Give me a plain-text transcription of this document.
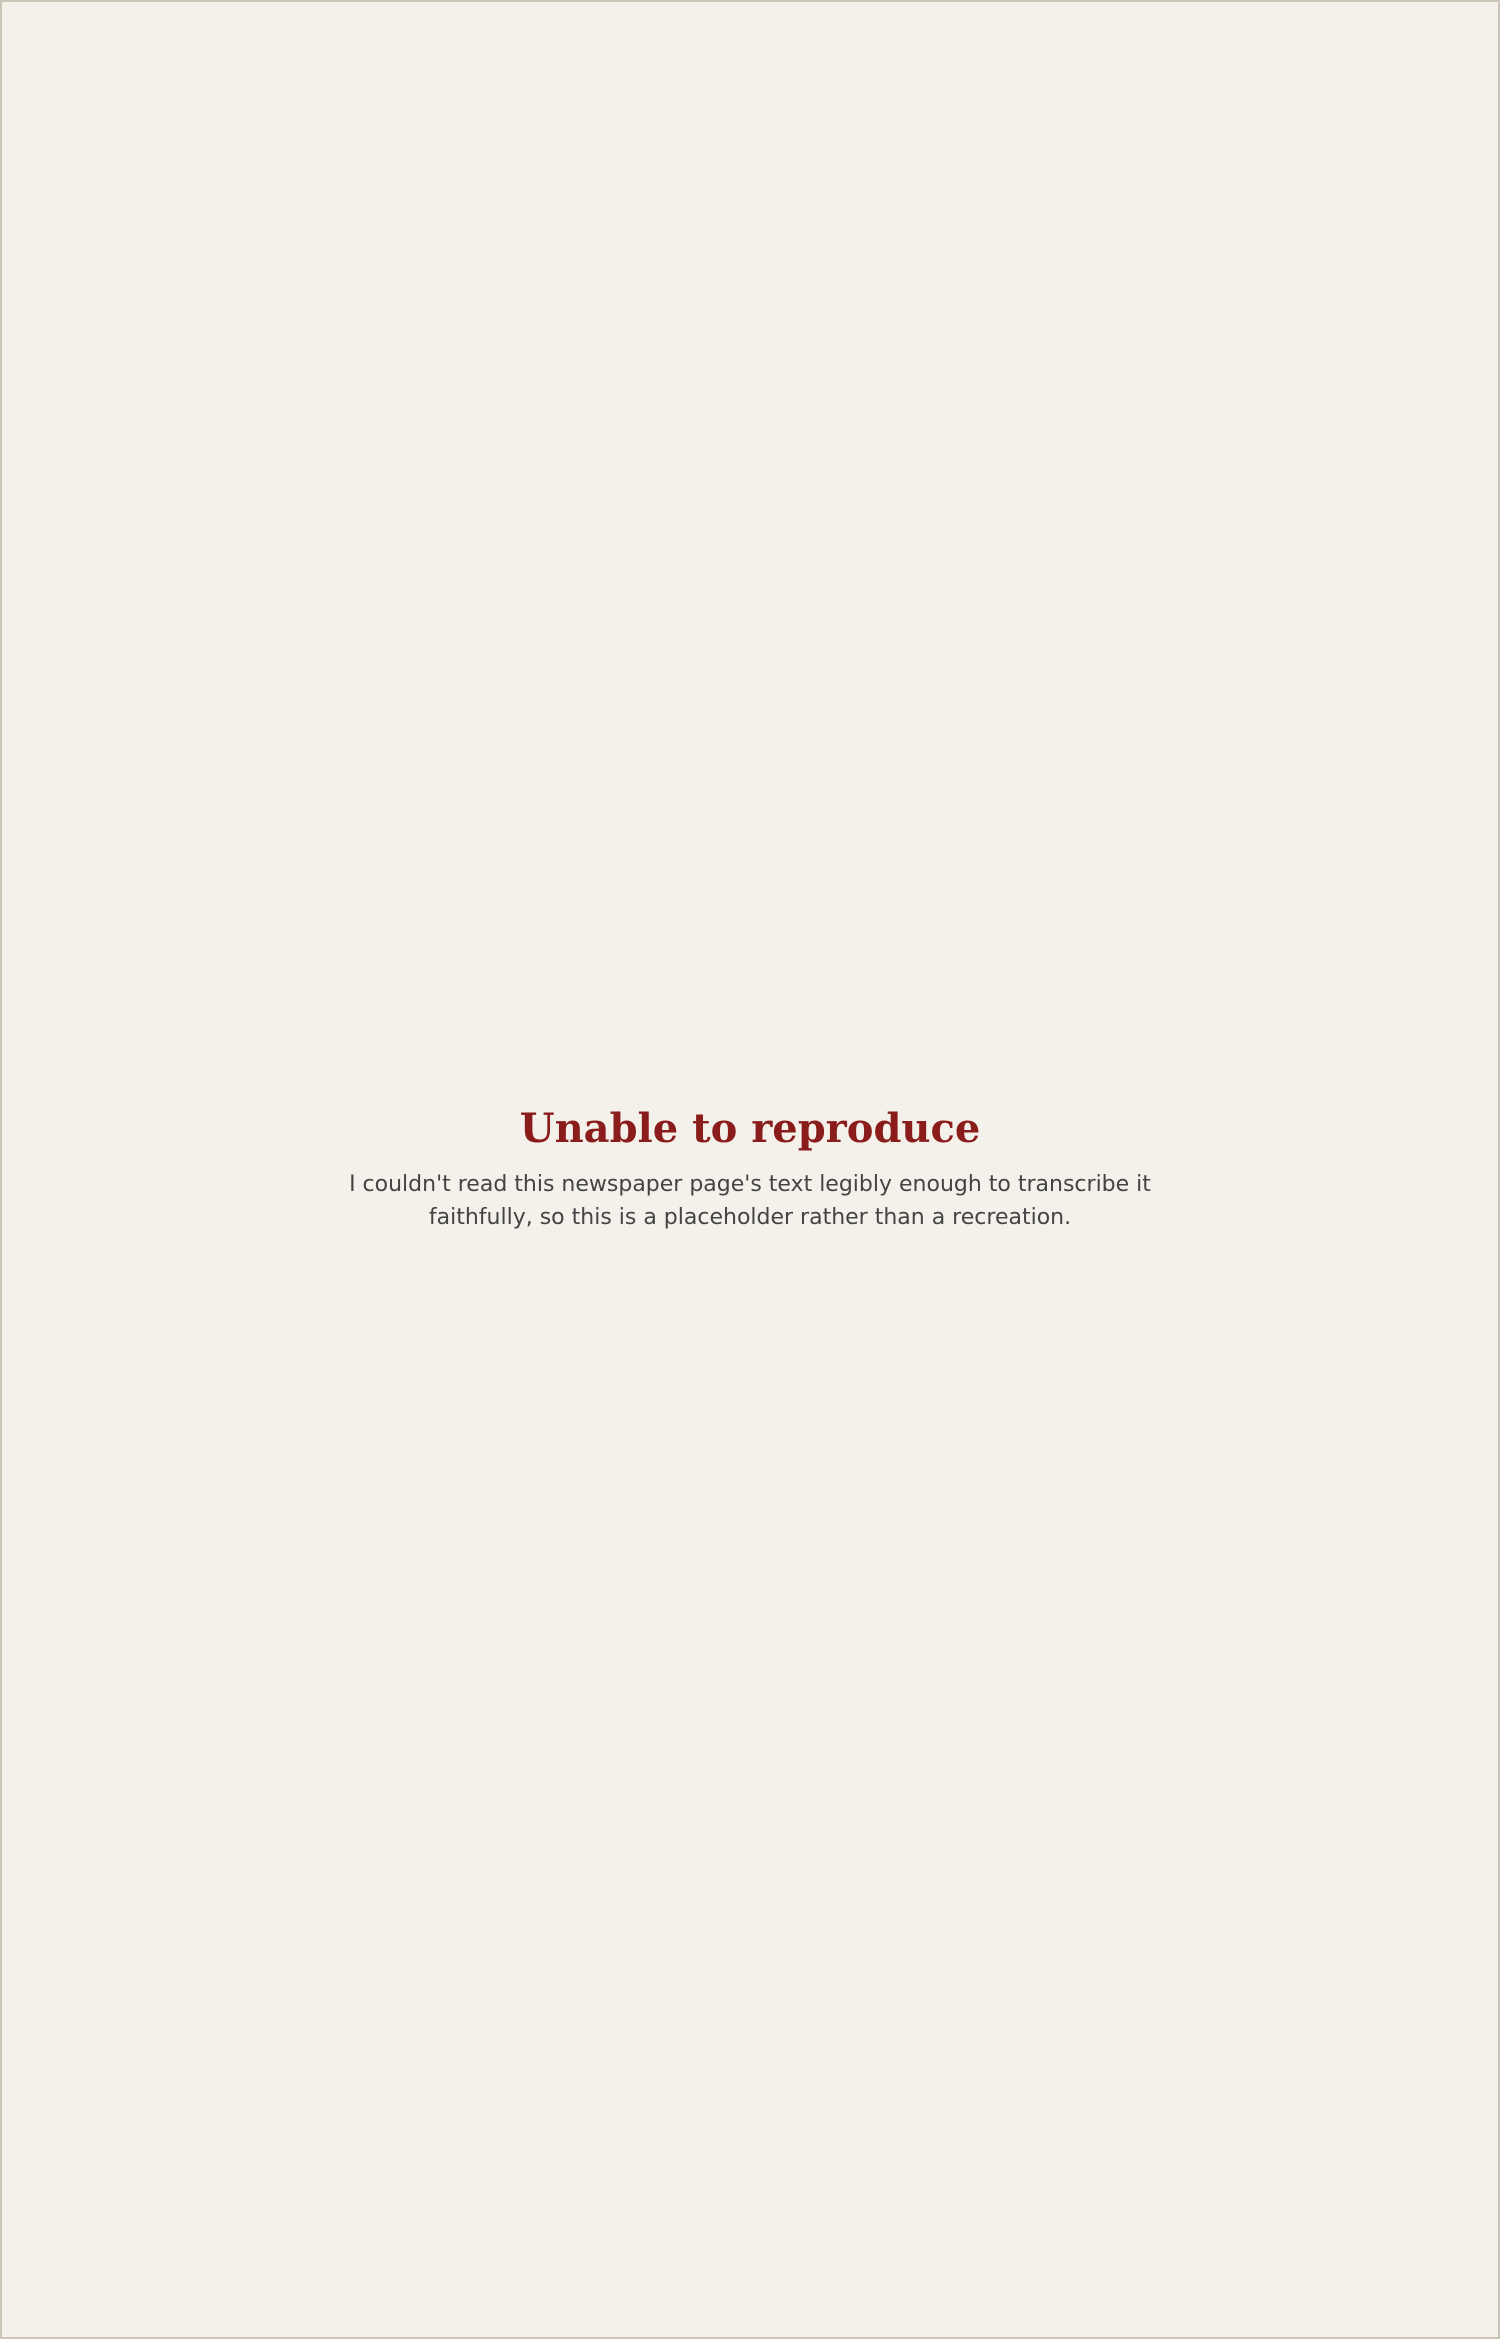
Unable to reproduce

I couldn't read this newspaper page's text legibly enough to transcribe it faithfully, so this is a placeholder rather than a recreation.
